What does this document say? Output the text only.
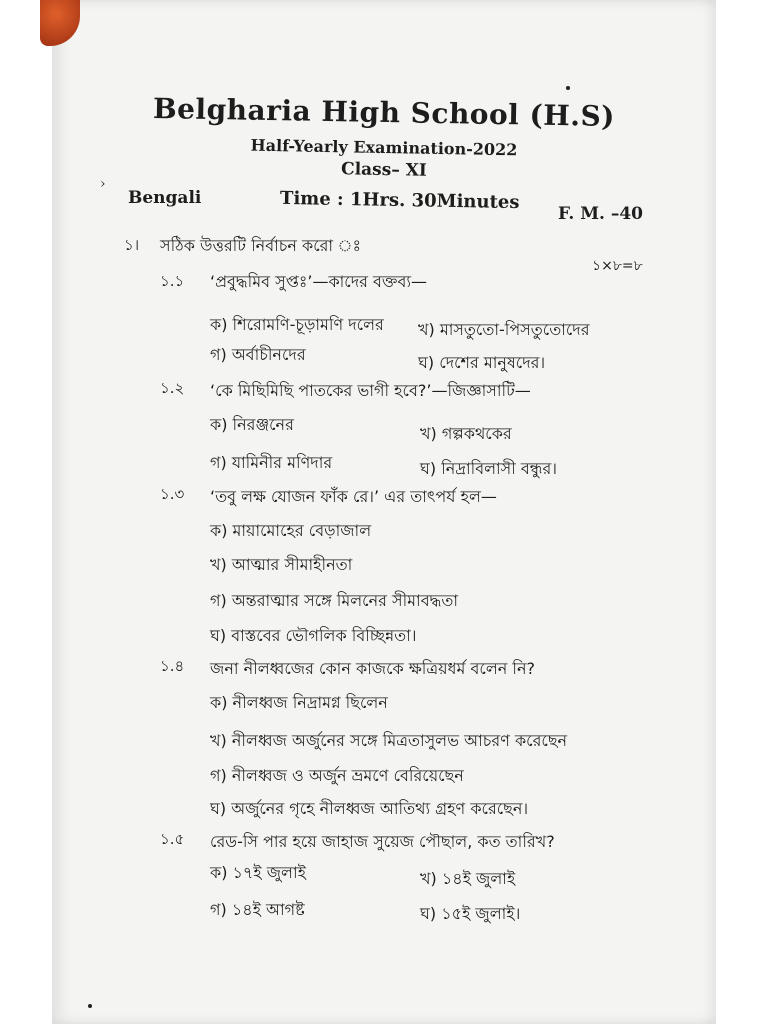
›
Belgharia High School (H.S)
Half-Yearly Examination-2022
Class– XI
Bengali	Time : 1Hrs. 30Minutes
F. M. –40
১। সঠিক উত্তরটি নির্বাচন করো ঃ
১×৮=৮
১.১ ‘প্রবুদ্ধমিব সুপ্তঃ’—কাদের বক্তব্য—
ক) শিরোমণি-চূড়ামণি দলের খ) মাসতুতো-পিসতুতোদের
গ) অর্বাচীনদের	ঘ) দেশের মানুষদের।
১.২ ‘কে মিছিমিছি পাতকের ভাগী হবে?’—জিজ্ঞাসাটি—
ক) নিরঞ্জনের	খ) গল্পকথকের
গ) যামিনীর মণিদার	ঘ) নিদ্রাবিলাসী বন্ধুর।
১.৩ ‘তবু লক্ষ যোজন ফাঁক রে।’ এর তাৎপর্য হল—
ক) মায়ামোহের বেড়াজাল
খ) আত্মার সীমাহীনতা
গ) অন্তরাত্মার সঙ্গে মিলনের সীমাবদ্ধতা
ঘ) বাস্তবের ভৌগলিক বিচ্ছিন্নতা।
১.৪ জনা নীলধ্বজের কোন কাজকে ক্ষত্রিয়ধর্ম বলেন নি?
ক) নীলধ্বজ নিদ্রামগ্ন ছিলেন
খ) নীলধ্বজ অর্জুনের সঙ্গে মিত্রতাসুলভ আচরণ করেছেন
গ) নীলধ্বজ ও অর্জুন ভ্রমণে বেরিয়েছেন
ঘ) অর্জুনের গৃহে নীলধ্বজ আতিথ্য গ্রহণ করেছেন।
১.৫ রেড-সি পার হয়ে জাহাজ সুয়েজ পৌছাল, কত তারিখ?
ক) ১৭ই জুলাই	খ) ১৪ই জুলাই
গ) ১৪ই আগষ্ট	ঘ) ১৫ই জুলাই।
